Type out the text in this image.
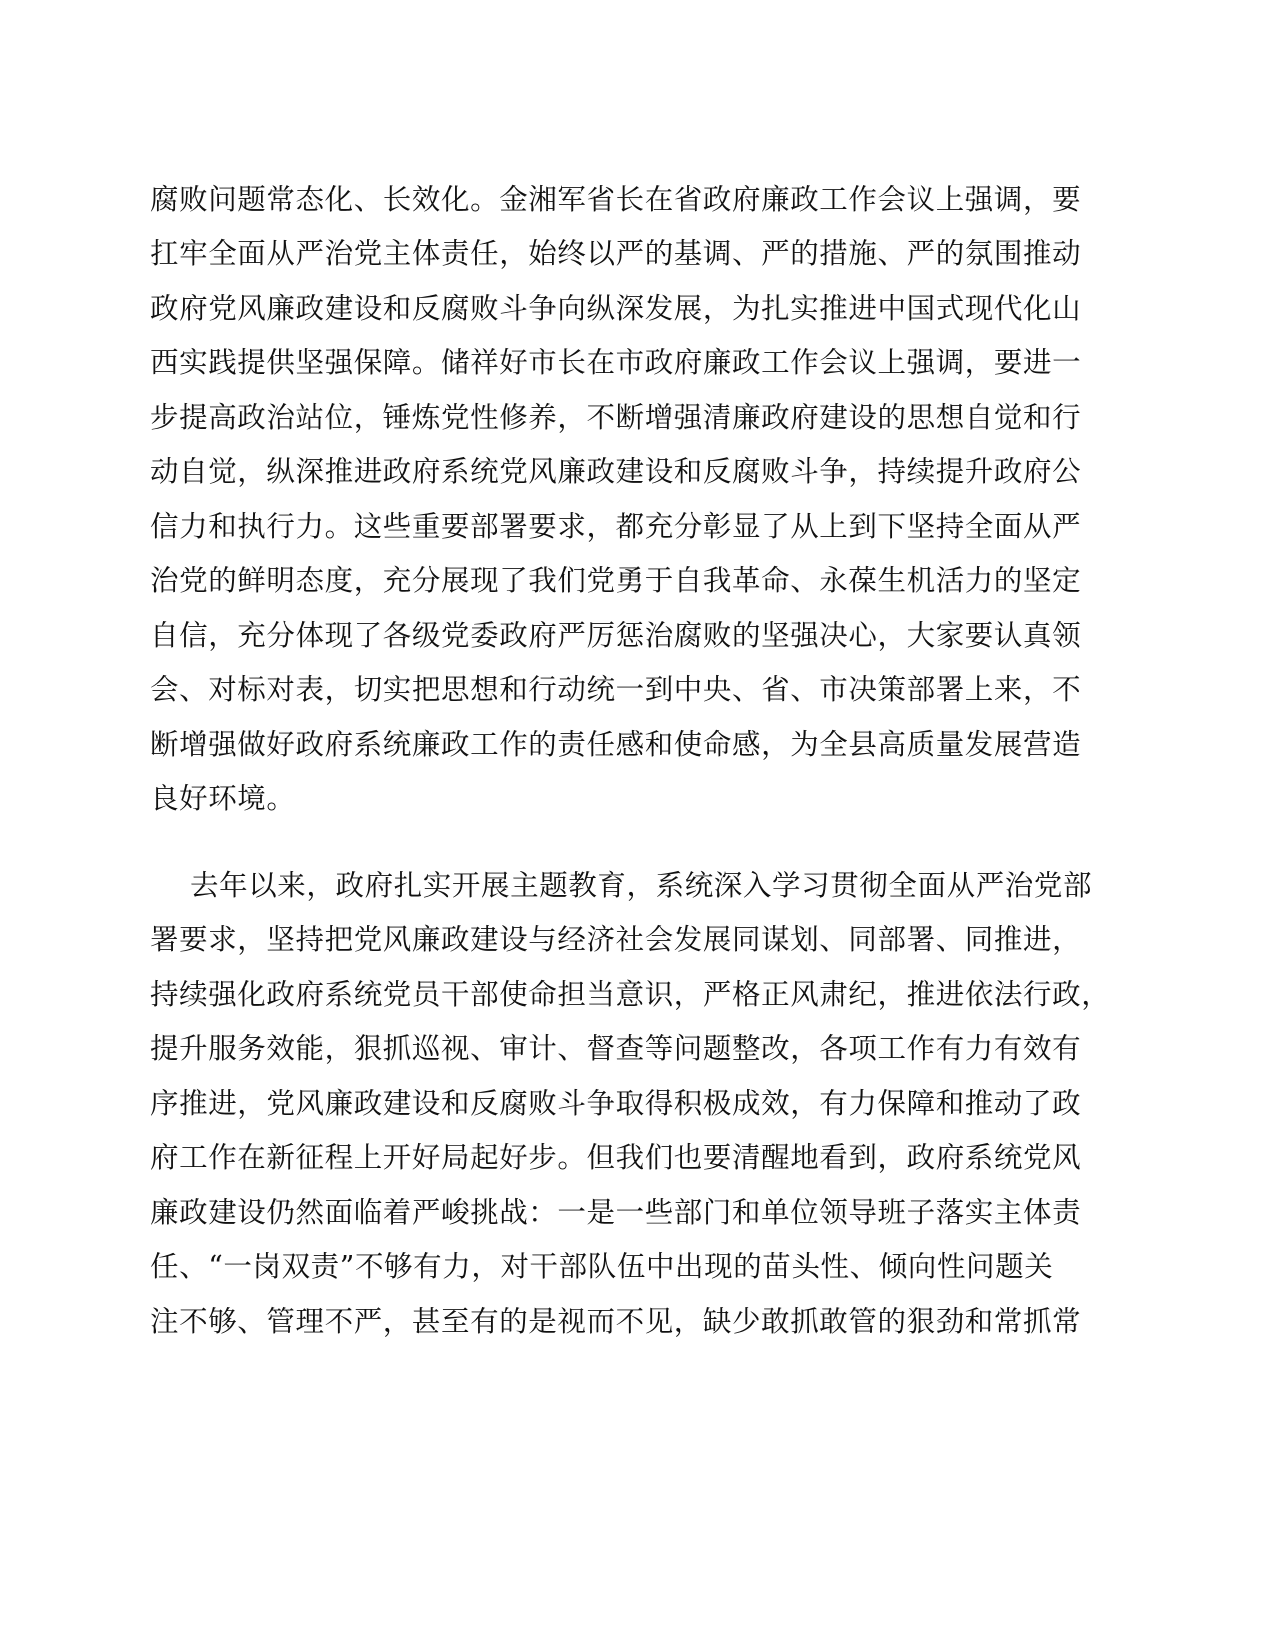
腐败问题常态化、长效化。金湘军省长在省政府廉政工作会议上强调，要
扛牢全面从严治党主体责任，始终以严的基调、严的措施、严的氛围推动
政府党风廉政建设和反腐败斗争向纵深发展，为扎实推进中国式现代化山
西实践提供坚强保障。储祥好市长在市政府廉政工作会议上强调，要进一
步提高政治站位，锤炼党性修养，不断增强清廉政府建设的思想自觉和行
动自觉，纵深推进政府系统党风廉政建设和反腐败斗争，持续提升政府公
信力和执行力。这些重要部署要求，都充分彰显了从上到下坚持全面从严
治党的鲜明态度，充分展现了我们党勇于自我革命、永葆生机活力的坚定
自信，充分体现了各级党委政府严厉惩治腐败的坚强决心，大家要认真领
会、对标对表，切实把思想和行动统一到中央、省、市决策部署上来，不
断增强做好政府系统廉政工作的责任感和使命感，为全县高质量发展营造
良好环境。
去年以来，政府扎实开展主题教育，系统深入学习贯彻全面从严治党部
署要求，坚持把党风廉政建设与经济社会发展同谋划、同部署、同推进，
持续强化政府系统党员干部使命担当意识，严格正风肃纪，推进依法行政，
提升服务效能，狠抓巡视、审计、督查等问题整改，各项工作有力有效有
序推进，党风廉政建设和反腐败斗争取得积极成效，有力保障和推动了政
府工作在新征程上开好局起好步。但我们也要清醒地看到，政府系统党风
廉政建设仍然面临着严峻挑战：一是一些部门和单位领导班子落实主体责
任、“一岗双责”不够有力，对干部队伍中出现的苗头性、倾向性问题关
注不够、管理不严，甚至有的是视而不见，缺少敢抓敢管的狠劲和常抓常
